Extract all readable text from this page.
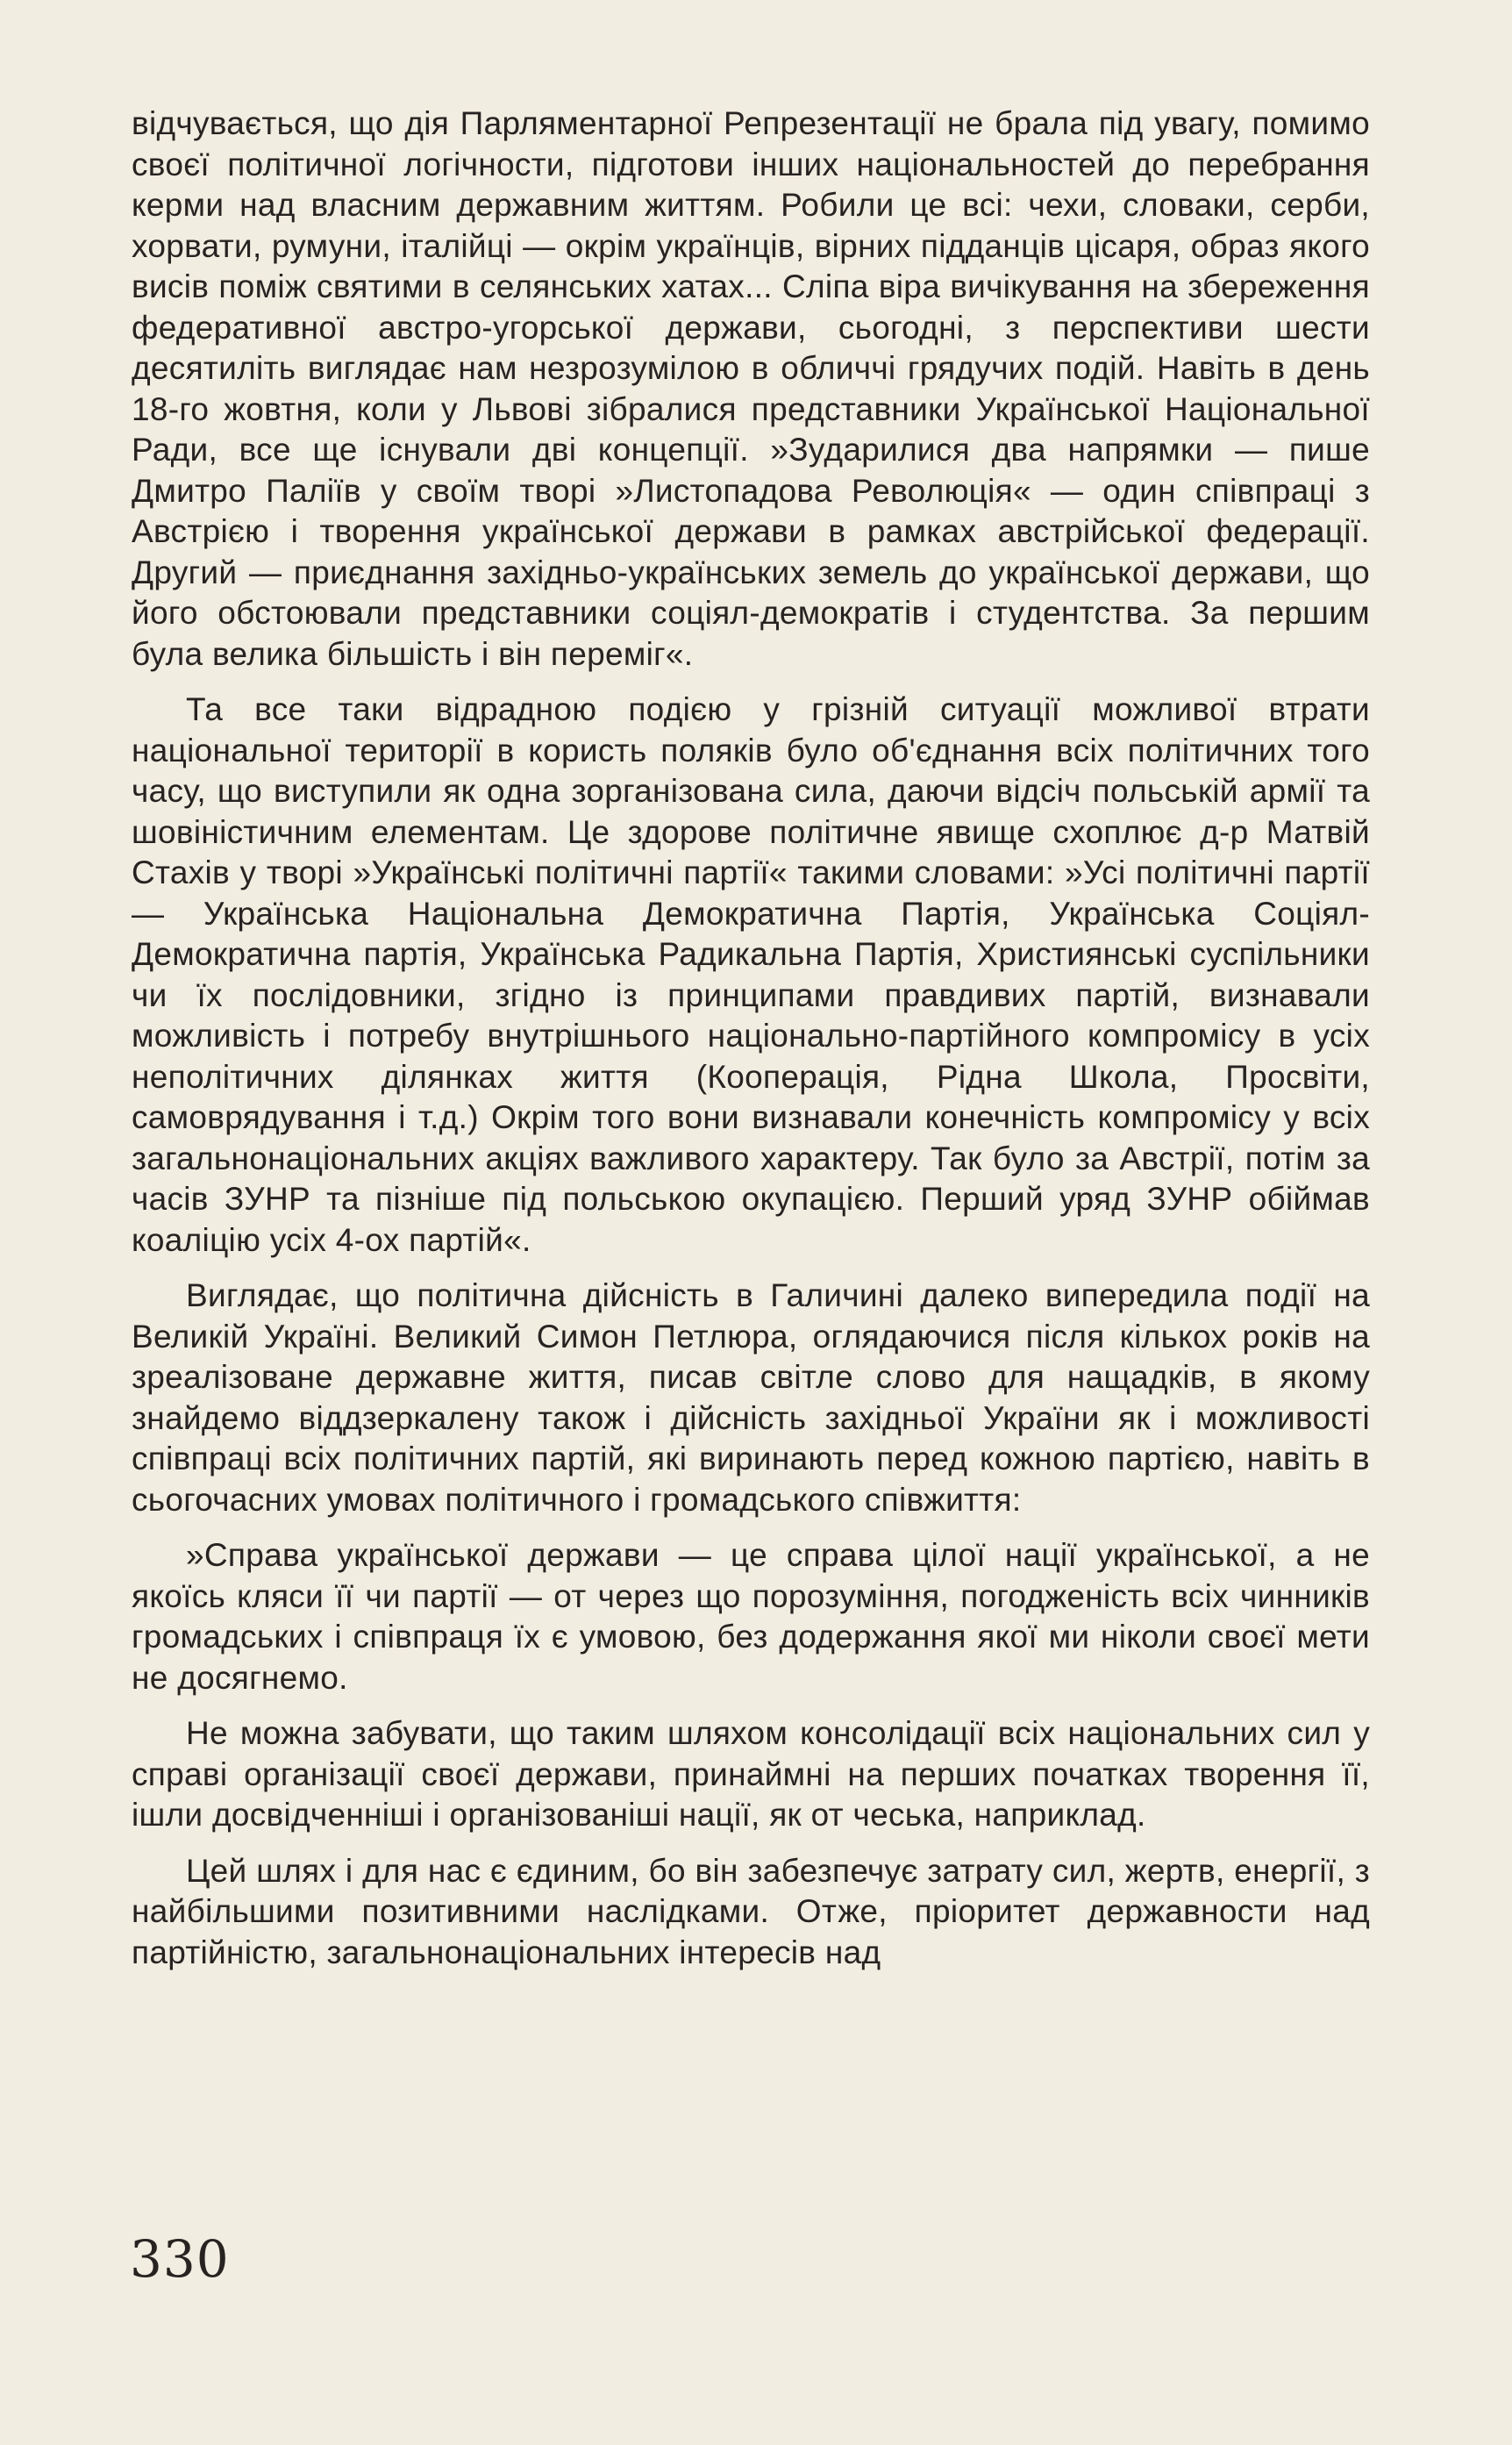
відчувається, що дія Парляментарної Репрезентації не брала під увагу, помимо своєї політичної логічности, підготови інших національностей до перебрання керми над власним державним життям. Робили це всі: чехи, словаки, серби, хорвати, румуни, італійці — окрім українців, вірних підданців цісаря, образ якого висів поміж святими в селянських хатах... Сліпа віра вичікування на збереження федеративної австро-угорської держави, сьогодні, з перспективи шести десятиліть виглядає нам незрозумілою в обличчі грядучих подій. Навіть в день 18-го жовтня, коли у Львові зібралися представники Української Національної Ради, все ще існували дві концепції. »Зударилися два напрямки — пише Дмитро Паліїв у своїм творі »Листопадова Революція« — один співпраці з Австрією і творення української держави в рамках австрійської федерації. Другий — приєднання західньо-українських земель до української держави, що його обстоювали представники соціял-демократів і студентства. За першим була велика більшість і він переміг«.

Та все таки відрадною подією у грізній ситуації можливої втрати національної території в користь поляків було об'єднання всіх політичних того часу, що виступили як одна зорганізована сила, даючи відсіч польській армії та шовіністичним елементам. Це здорове політичне явище схоплює д-р Матвій Стахів у творі »Українські політичні партії« такими словами: »Усі політичні партії — Українська Національна Демократична Партія, Українська Соціял-Демократична партія, Українська Радикальна Партія, Християнські суспільники чи їх послідовники, згідно із принципами правдивих партій, визнавали можливість і потребу внутрішнього національно-партійного компромісу в усіх неполітичних ділянках життя (Кооперація, Рідна Школа, Просвіти, самоврядування і т.д.) Окрім того вони визнавали конечність компромісу у всіх загальнонаціональних акціях важливого характеру. Так було за Австрії, потім за часів ЗУНР та пізніше під польською окупацією. Перший уряд ЗУНР обіймав коаліцію усіх 4-ох партій«.

Виглядає, що політична дійсність в Галичині далеко випередила події на Великій Україні. Великий Симон Петлюра, оглядаючися після кількох років на зреалізоване державне життя, писав світле слово для нащадків, в якому знайдемо віддзеркалену також і дійсність західньої України як і можливості співпраці всіх політичних партій, які виринають перед кожною партією, навіть в сьогочасних умовах політичного і громадського співжиття:

»Справа української держави — це справа цілої нації української, а не якоїсь кляси її чи партії — от через що порозуміння, погодженість всіх чинників громадських і співпраця їх є умовою, без додержання якої ми ніколи своєї мети не досягнемо.

Не можна забувати, що таким шляхом консолідації всіх національних сил у справі організації своєї держави, принаймні на перших початках творення її, ішли досвідченніші і організованіші нації, як от чеська, наприклад.

Цей шлях і для нас є єдиним, бо він забезпечує затрату сил, жертв, енергії, з найбільшими позитивними наслідками. Отже, пріоритет державности над партійністю, загальнонаціональних інтересів над

330
